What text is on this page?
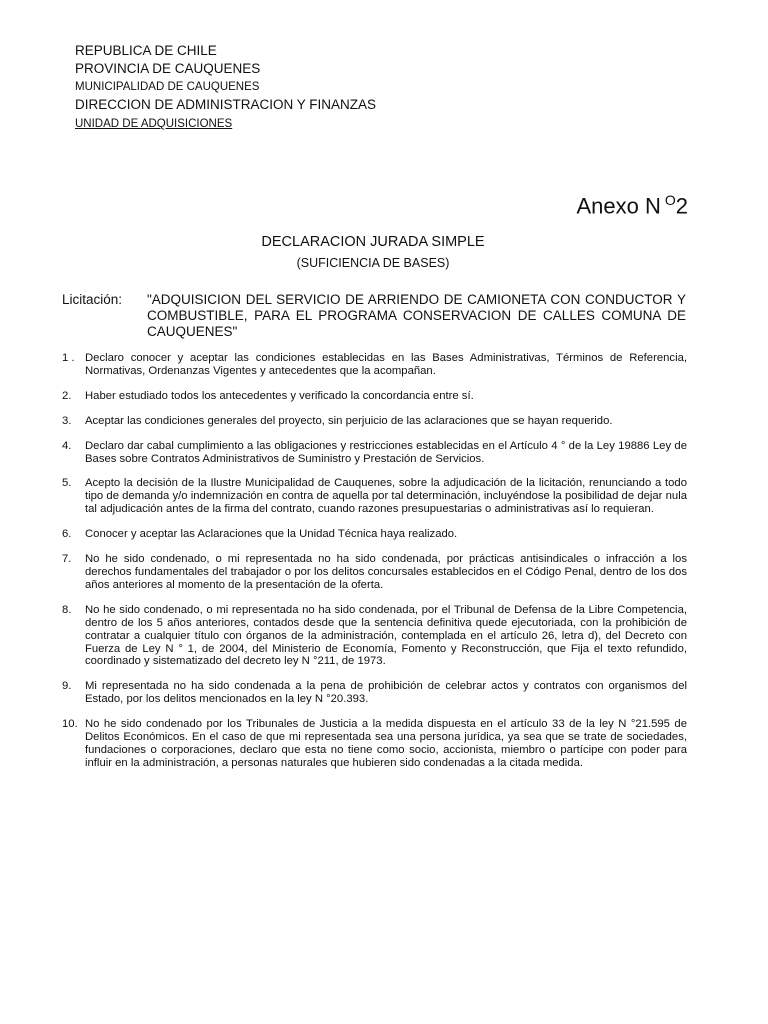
REPUBLICA DE CHILE
PROVINCIA DE CAUQUENES
MUNICIPALIDAD DE CAUQUENES
DIRECCION DE ADMINISTRACION Y FINANZAS
UNIDAD DE ADQUISICIONES
Anexo N $^O$2
DECLARACION JURADA SIMPLE
(SUFICIENCIA DE BASES)
Licitación: "ADQUISICION DEL SERVICIO DE ARRIENDO DE CAMIONETA CON CONDUCTOR Y COMBUSTIBLE, PARA EL PROGRAMA CONSERVACION DE CALLES COMUNA DE CAUQUENES"
1 . Declaro conocer y aceptar las condiciones establecidas en las Bases Administrativas, Términos de Referencia, Normativas, Ordenanzas Vigentes y antecedentes que la acompañan.
2. Haber estudiado todos los antecedentes y verificado la concordancia entre sí.
3. Aceptar las condiciones generales del proyecto, sin perjuicio de las aclaraciones que se hayan requerido.
4. Declaro dar cabal cumplimiento a las obligaciones y restricciones establecidas en el Artículo 4 ° de la Ley 19886 Ley de Bases sobre Contratos Administrativos de Suministro y Prestación de Servicios.
5. Acepto la decisión de la Ilustre Municipalidad de Cauquenes, sobre la adjudicación de la licitación, renunciando a todo tipo de demanda y/o indemnización en contra de aquella por tal determinación, incluyéndose la posibilidad de dejar nula tal adjudicación antes de la firma del contrato, cuando razones presupuestarias o administrativas así lo requieran.
6. Conocer y aceptar las Aclaraciones que la Unidad Técnica haya realizado.
7. No he sido condenado, o mi representada no ha sido condenada, por prácticas antisindicales o infracción a los derechos fundamentales del trabajador o por los delitos concursales establecidos en el Código Penal, dentro de los dos años anteriores al momento de la presentación de la oferta.
8. No he sido condenado, o mi representada no ha sido condenada, por el Tribunal de Defensa de la Libre Competencia, dentro de los 5 años anteriores, contados desde que la sentencia definitiva quede ejecutoriada, con la prohibición de contratar a cualquier título con órganos de la administración, contemplada en el artículo 26, letra d), del Decreto con Fuerza de Ley N ° 1, de 2004, del Ministerio de Economía, Fomento y Reconstrucción, que Fija el texto refundido, coordinado y sistematizado del decreto ley N °211, de 1973.
9. Mi representada no ha sido condenada a la pena de prohibición de celebrar actos y contratos con organismos del Estado, por los delitos mencionados en la ley N °20.393.
10. No he sido condenado por los Tribunales de Justicia a la medida dispuesta en el artículo 33 de la ley N °21.595 de Delitos Económicos. En el caso de que mi representada sea una persona jurídica, ya sea que se trate de sociedades, fundaciones o corporaciones, declaro que esta no tiene como socio, accionista, miembro o partícipe con poder para influir en la administración, a personas naturales que hubieren sido condenadas a la citada medida.
